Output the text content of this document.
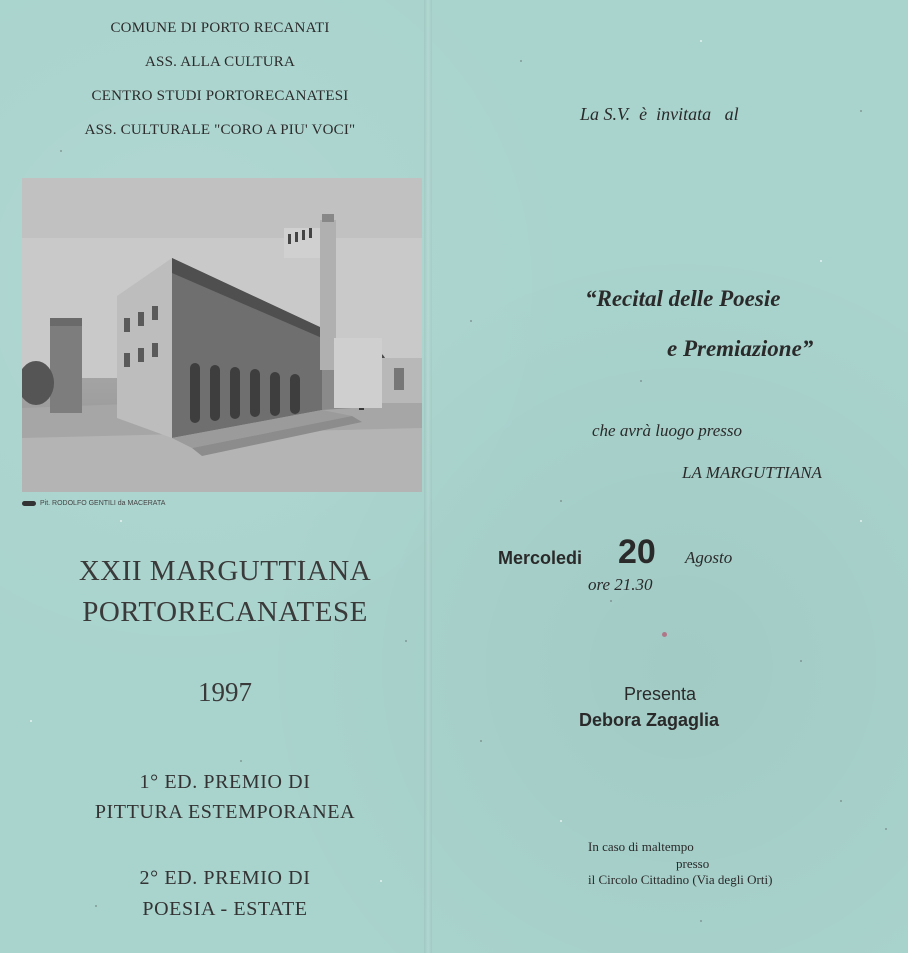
COMUNE DI PORTO RECANATI
ASS. ALLA CULTURA
CENTRO STUDI PORTORECANATESI
ASS. CULTURALE "CORO A PIU' VOCI"
Pit. RODOLFO GENTILI da MACERATA
XXII MARGUTTIANA
PORTORECANATESE
1997
1° ED. PREMIO DI
PITTURA ESTEMPORANEA
2° ED. PREMIO DI
POESIA - ESTATE
La S.V.  è  invitata   al
“Recital delle Poesie
e Premiazione”
che avrà luogo presso
LA MARGUTTIANA
Mercoledi 20 Agosto
ore 21.30
Presenta
Debora Zagaglia
In caso di maltempo
presso
il Circolo Cittadino (Via degli Orti)
